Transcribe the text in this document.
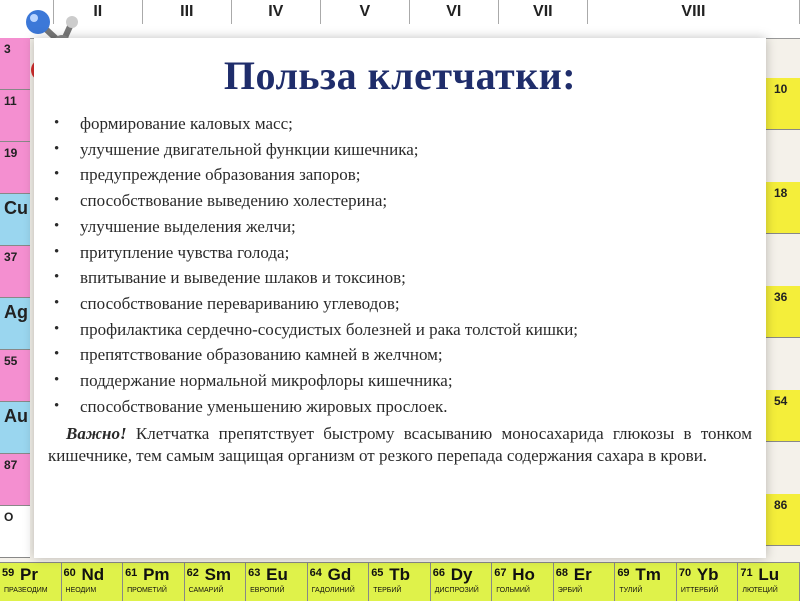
II	III	IV	V	VI	VII	VIII
3
11
19
Cu
37
Ag
55
Au
87
O
10
18
36
54
86
59 Pr
ПРАЗЕОДИМ
60 Nd
НЕОДИМ
61 Pm
ПРОМЕТИЙ
62 Sm
САМАРИЙ
63 Eu
ЕВРОПИЙ
64 Gd
ГАДОЛИНИЙ
65 Tb
ТЕРБИЙ
66 Dy
ДИСПРОЗИЙ
67 Ho
ГОЛЬМИЙ
68 Er
ЭРБИЙ
69 Tm
ТУЛИЙ
70 Yb
ИТТЕРБИЙ
71 Lu
ЛЮТЕЦИЙ
Польза клетчатки:
• формирование каловых масс;
• улучшение двигательной функции кишечника;
• предупреждение образования запоров;
• способствование выведению холестерина;
• улучшение выделения желчи;
• притупление чувства голода;
• впитывание и выведение шлаков и токсинов;
• способствование перевариванию углеводов;
• профилактика сердечно-сосудистых болезней и рака толстой кишки;
• препятствование образованию камней в желчном;
• поддержание нормальной микрофлоры кишечника;
• способствование уменьшению жировых прослоек.

Важно! Клетчатка препятствует быстрому всасыванию моносахарида глюкозы в тонком кишечнике, тем самым защищая организм от резкого перепада содержания сахара в крови.
